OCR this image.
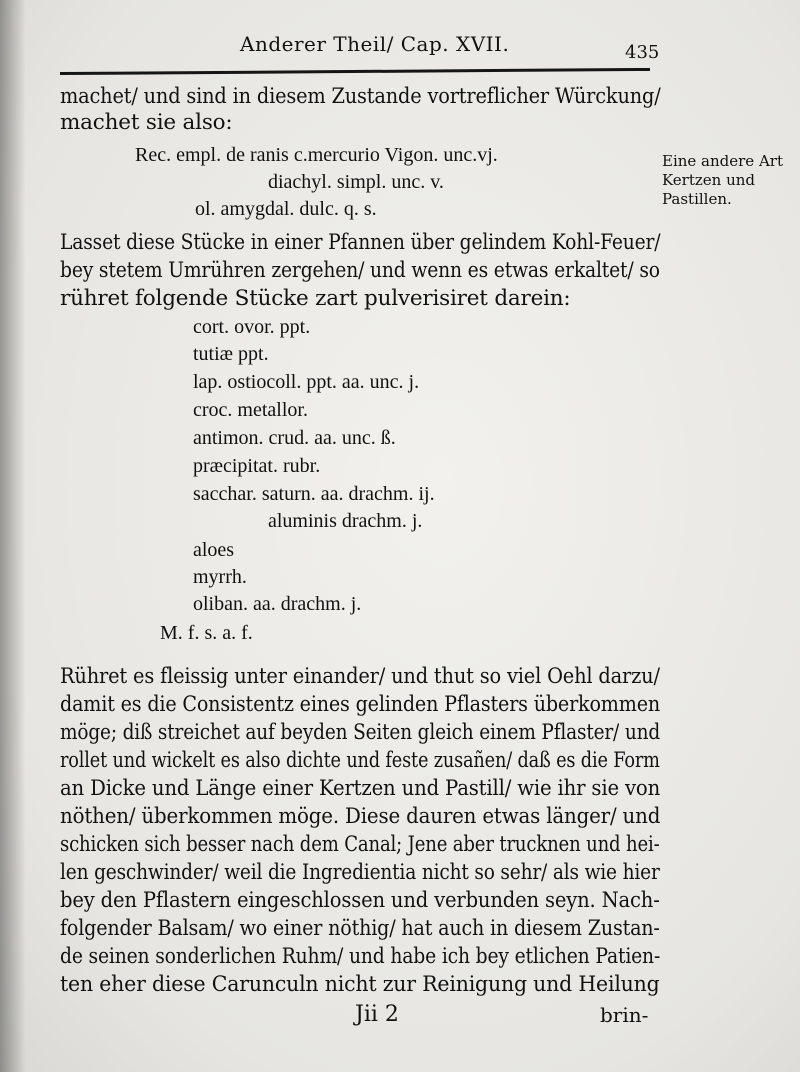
Anderer Theil/ Cap. XVII.	435
machet/ und sind in diesem Zustande vortreflicher Würckung/
machet sie also:
Rec. empl. de ranis c.mercurio Vigon. unc.vj.
diachyl. simpl. unc. v.
ol. amygdal. dulc. q. s.
Eine andere Art
Kertzen und
Pastillen.
Lasset diese Stücke in einer Pfannen über gelindem Kohl-Feuer/
bey stetem Umrühren zergehen/ und wenn es etwas erkaltet/ so
rühret folgende Stücke zart pulverisiret darein:
cort. ovor. ppt.
tutiæ ppt.
lap. ostiocoll. ppt. aa. unc. j.
croc. metallor.
antimon. crud. aa. unc. ß.
præcipitat. rubr.
sacchar. saturn. aa. drachm. ij.
aluminis drachm. j.
aloes
myrrh.
oliban. aa. drachm. j.
M. f. s. a. f.
Rühret es fleissig unter einander/ und thut so viel Oehl darzu/
damit es die Consistentz eines gelinden Pflasters überkommen
möge; diß streichet auf beyden Seiten gleich einem Pflaster/ und
rollet und wickelt es also dichte und feste zusañen/ daß es die Form
an Dicke und Länge einer Kertzen und Pastill/ wie ihr sie von
nöthen/ überkommen möge. Diese dauren etwas länger/ und
schicken sich besser nach dem Canal; Jene aber trucknen und hei-
len geschwinder/ weil die Ingredientia nicht so sehr/ als wie hier
bey den Pflastern eingeschlossen und verbunden seyn. Nach-
folgender Balsam/ wo einer nöthig/ hat auch in diesem Zustan-
de seinen sonderlichen Ruhm/ und habe ich bey etlichen Patien-
ten eher diese Carunculn nicht zur Reinigung und Heilung
Jii 2	brin-
